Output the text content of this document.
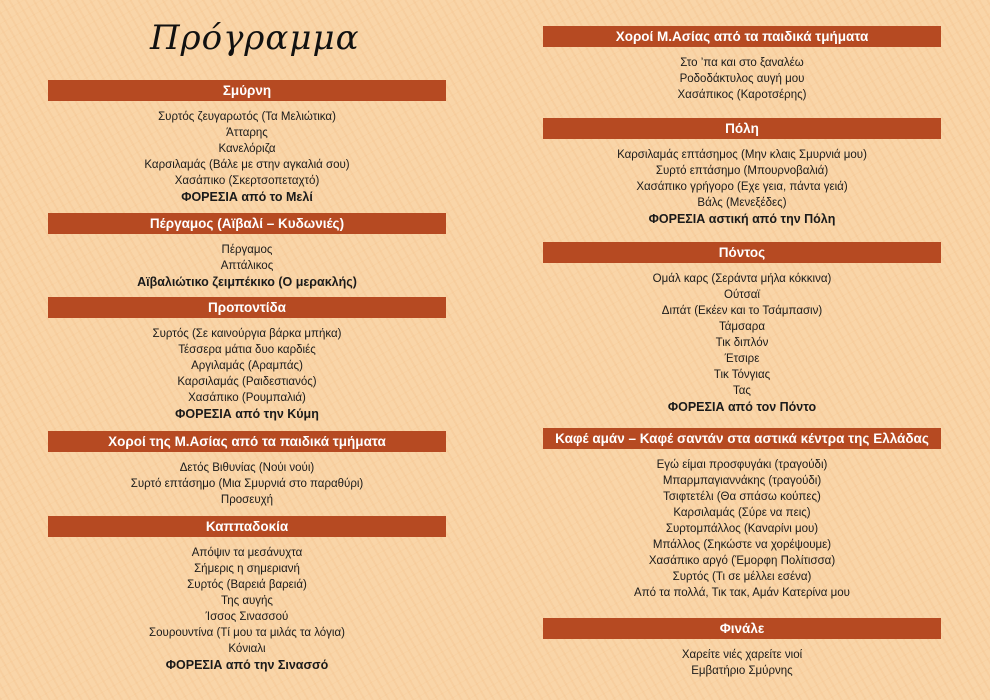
Πρόγραμμα
Σμύρνη
Συρτός ζευγαρωτός (Τα Μελιώτικα)
Άτταρης
Κανελόριζα
Καρσιλαμάς (Βάλε με στην αγκαλιά σου)
Χασάπικο (Σκερτσοπεταχτό)
ΦΟΡΕΣΙΑ από το Μελί
Πέργαμος (Αϊβαλί – Κυδωνιές)
Πέργαμος
Απτάλικος
Αϊβαλιώτικο ζειμπέκικο (Ο μερακλής)
Προποντίδα
Συρτός (Σε καινούργια βάρκα μπήκα)
Τέσσερα μάτια δυο καρδιές
Αργιλαμάς (Αραμπάς)
Καρσιλαμάς (Ραιδεστιανός)
Χασάπικο (Ρουμπαλιά)
ΦΟΡΕΣΙΑ από την Κύμη
Χοροί της Μ.Ασίας από τα παιδικά τμήματα
Δετός Βιθυνίας (Νούι νούι)
Συρτό επτάσημο (Μια Σμυρνιά στο παραθύρι)
Προσευχή
Καππαδοκία
Απόψιν τα μεσάνυχτα
Σήμερις η σημεριανή
Συρτός (Βαρειά βαρειά)
Της αυγής
Ίσσος Σινασσού
Σουρουντίνα (Τί μου τα μιλάς τα λόγια)
Κόνιαλι
ΦΟΡΕΣΙΑ από την Σινασσό
Χοροί Μ.Ασίας από τα παιδικά τμήματα
Στο ’πα και στο ξαναλέω
Ροδοδάκτυλος αυγή μου
Χασάπικος (Καροτσέρης)
Πόλη
Καρσιλαμάς επτάσημος (Μην κλαις Σμυρνιά μου)
Συρτό επτάσημο (Μπουρνοβαλιά)
Χασάπικο γρήγορο (Εχε γεια, πάντα γειά)
Βάλς (Μενεξέδες)
ΦΟΡΕΣΙΑ αστική από την Πόλη
Πόντος
Ομάλ καρς (Σεράντα μήλα κόκκινα)
Ούτσαϊ
Διπάτ (Εκέεν και το Τσάμπασιν)
Τάμσαρα
Τικ διπλόν
Έτσιρε
Τικ Τόνγιας
Τας
ΦΟΡΕΣΙΑ από τον Πόντο
Καφέ αμάν – Καφέ σαντάν στα αστικά κέντρα της Ελλάδας
Εγώ είμαι προσφυγάκι (τραγούδι)
Μπαρμπαγιαννάκης (τραγούδι)
Τσιφτετέλι (Θα σπάσω κούπες)
Καρσιλαμάς (Σύρε να πεις)
Συρτομπάλλος (Καναρίνι μου)
Μπάλλος (Σηκώστε να χορέψουμε)
Χασάπικο αργό (Έμορφη Πολίτισσα)
Συρτός (Τι σε μέλλει εσένα)
Από τα πολλά, Τικ τακ, Αμάν Κατερίνα μου
Φινάλε
Χαρείτε νιές χαρείτε νιοί
Εμβατήριο Σμύρνης
